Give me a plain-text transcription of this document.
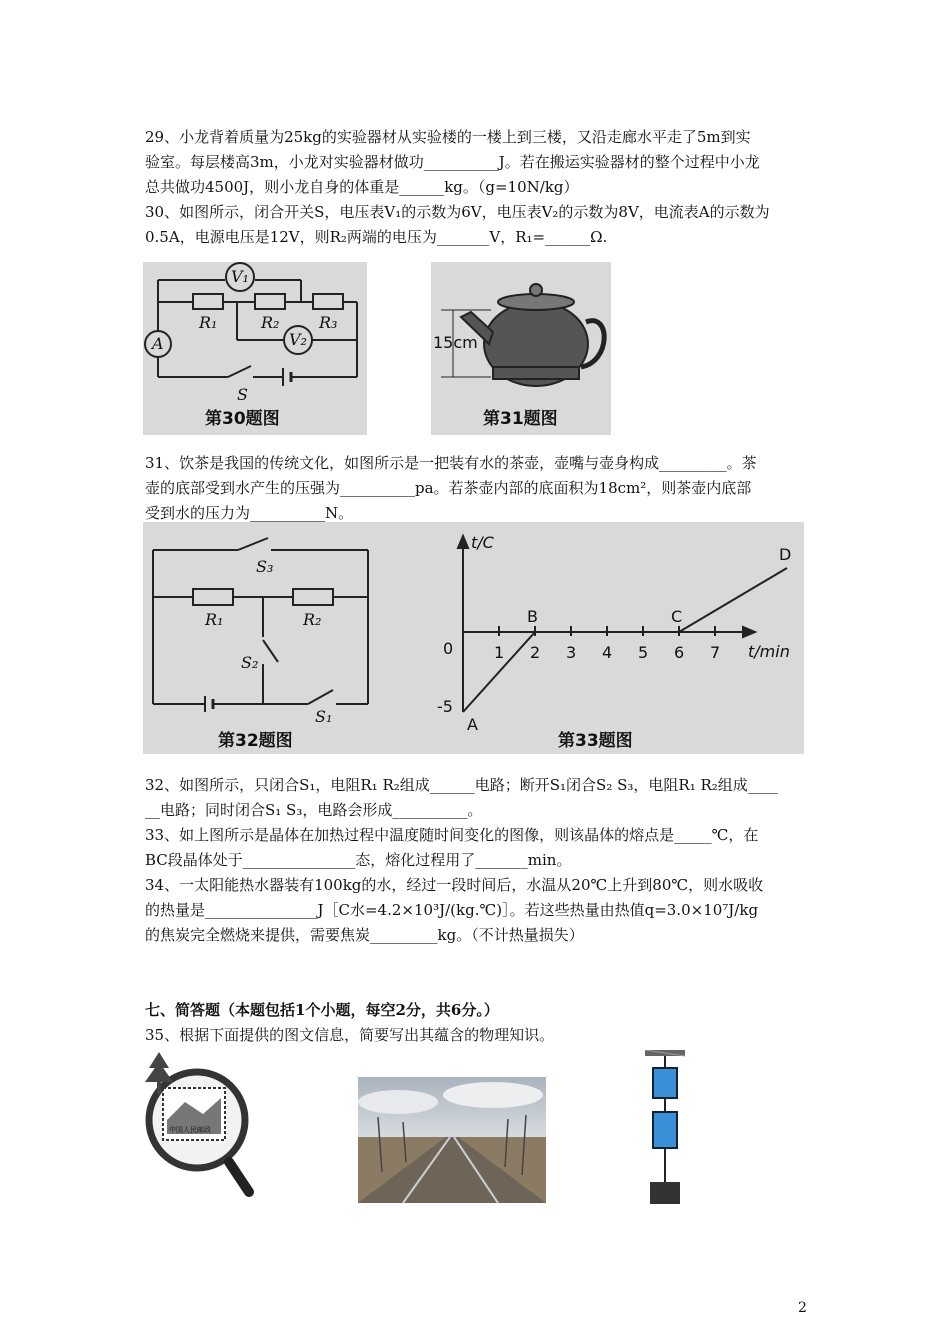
29、小龙背着质量为25kg的实验器材从实验楼的一楼上到三楼，又沿走廊水平走了5m到实
验室。每层楼高3m，小龙对实验器材做功__________J。若在搬运实验器材的整个过程中小龙
总共做功4500J，则小龙自身的体重是______kg。（g=10N/kg）
30、如图所示，闭合开关S，电压表V₁的示数为6V，电压表V₂的示数为8V，电流表A的示数为
0.5A，电源电压是12V，则R₂两端的电压为_______V，R₁=______Ω.
V₁
V₂
A
R₁	R₂ R₃
S
第30题图
15cm
第31题图
31、饮茶是我国的传统文化，如图所示是一把装有水的茶壶，壶嘴与壶身构成_________。茶
壶的底部受到水产生的压强为__________pa。若茶壶内部的底面积为18cm²，则茶壶内底部
受到水的压力为__________N。
S₃
R₁	R₂
S₂
S₁
第32题图
t/C
t/min
0
-5
1 2 3 4 5 6 7
A
B	C
D
第33题图
32、如图所示，只闭合S₁，电阻R₁ R₂组成______电路；断开S₁闭合S₂ S₃，电阻R₁ R₂组成____
__电路；同时闭合S₁ S₃，电路会形成__________。
33、如上图所示是晶体在加热过程中温度随时间变化的图像，则该晶体的熔点是_____℃，在
BC段晶体处于_______________态，熔化过程用了_______min。
34、一太阳能热水器装有100kg的水，经过一段时间后，水温从20℃上升到80℃，则水吸收
的热量是_______________J［C水=4.2×10³J/(kg.℃)］。若这些热量由热值q=3.0×10⁷J/kg
的焦炭完全燃烧来提供，需要焦炭_________kg。（不计热量损失）
七、简答题（本题包括1个小题，每空2分，共6分。）
35、根据下面提供的图文信息，简要写出其蕴含的物理知识。
中国人民邮政
2
